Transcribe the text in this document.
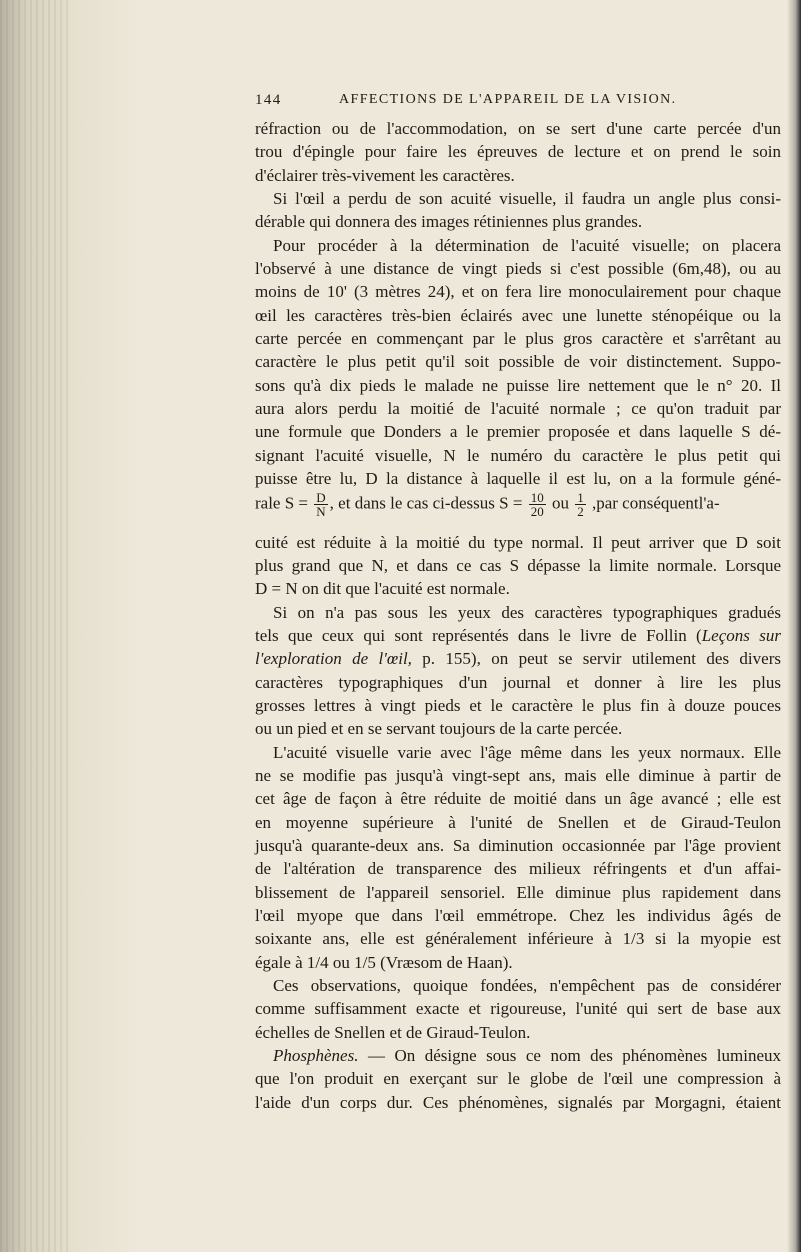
144	AFFECTIONS DE L'APPAREIL DE LA VISION.
réfraction ou de l'accommodation, on se sert d'une carte percée d'un
trou d'épingle pour faire les épreuves de lecture et on prend le soin
d'éclairer très-vivement les caractères.
Si l'œil a perdu de son acuité visuelle, il faudra un angle plus consi-
dérable qui donnera des images rétiniennes plus grandes.
Pour procéder à la détermination de l'acuité visuelle; on placera
l'observé à une distance de vingt pieds si c'est possible (6m,48), ou au
moins de 10' (3 mètres 24), et on fera lire monoculairement pour chaque
œil les caractères très-bien éclairés avec une lunette sténopéique ou la
carte percée en commençant par le plus gros caractère et s'arrêtant au
caractère le plus petit qu'il soit possible de voir distinctement. Suppo-
sons qu'à dix pieds le malade ne puisse lire nettement que le n° 20. Il
aura alors perdu la moitié de l'acuité normale ; ce qu'on traduit par
une formule que Donders a le premier proposée et dans laquelle S dé-
signant l'acuité visuelle, N le numéro du caractère le plus petit qui
puisse être lu, D la distance à laquelle il est lu, on a la formule géné-
rale $S = \frac{D}{N}$ , et dans le cas ci-dessus $S = \frac{10}{20}$ ou $\frac{1}{2} ,par$ conséquentl'a-
cuité est réduite à la moitié du type normal. Il peut arriver que D soit
plus grand que N, et dans ce cas S dépasse la limite normale. Lorsque
D = N on dit que l'acuité est normale.
Si on n'a pas sous les yeux des caractères typographiques gradués
tels que ceux qui sont représentés dans le livre de Follin (Leçons sur
l'exploration de l'œil, p. 155), on peut se servir utilement des divers
caractères typographiques d'un journal et donner à lire les plus
grosses lettres à vingt pieds et le caractère le plus fin à douze pouces
ou un pied et en se servant toujours de la carte percée.
L'acuité visuelle varie avec l'âge même dans les yeux normaux. Elle
ne se modifie pas jusqu'à vingt-sept ans, mais elle diminue à partir de
cet âge de façon à être réduite de moitié dans un âge avancé ; elle est
en moyenne supérieure à l'unité de Snellen et de Giraud-Teulon
jusqu'à quarante-deux ans. Sa diminution occasionnée par l'âge provient
de l'altération de transparence des milieux réfringents et d'un affai-
blissement de l'appareil sensoriel. Elle diminue plus rapidement dans
l'œil myope que dans l'œil emmétrope. Chez les individus âgés de
soixante ans, elle est généralement inférieure à 1/3 si la myopie est
égale à 1/4 ou 1/5 (Vræsom de Haan).
Ces observations, quoique fondées, n'empêchent pas de considérer
comme suffisamment exacte et rigoureuse, l'unité qui sert de base aux
échelles de Snellen et de Giraud-Teulon.
Phosphènes. — On désigne sous ce nom des phénomènes lumineux
que l'on produit en exerçant sur le globe de l'œil une compression à
l'aide d'un corps dur. Ces phénomènes, signalés par Morgagni, étaient
